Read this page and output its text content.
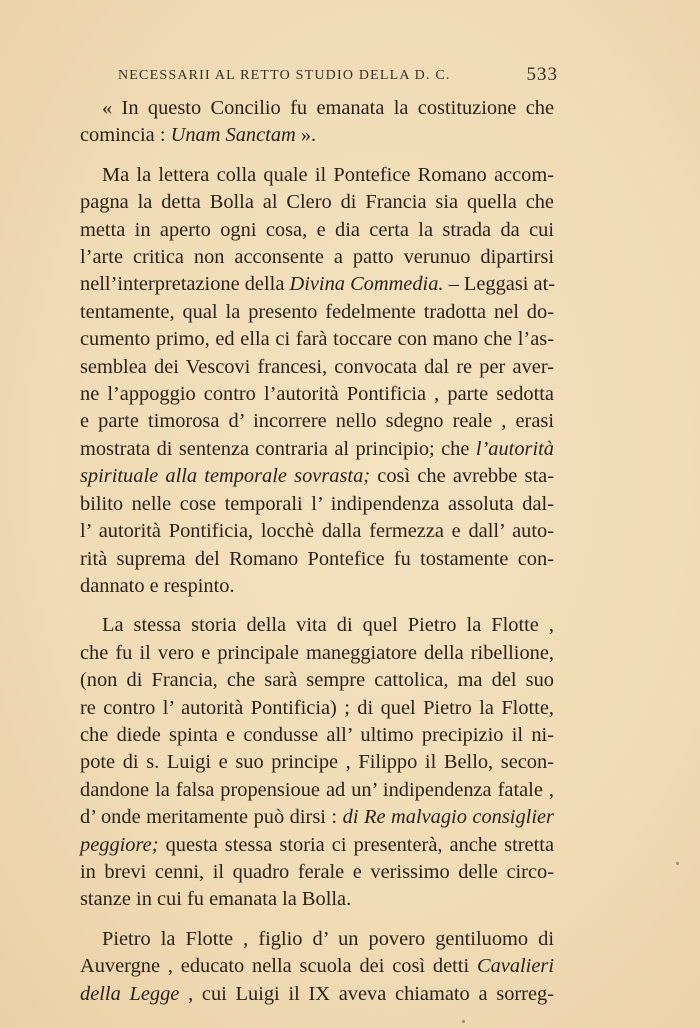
NECESSARII AL RETTO STUDIO DELLA D. C.	533
« In questo Concilio fu emanata la costituzione che
comincia : Unam Sanctam ».
Ma la lettera colla quale il Pontefice Romano accom-
pagna la detta Bolla al Clero di Francia sia quella che
metta in aperto ogni cosa, e dia certa la strada da cui
l’arte critica non acconsente a patto verunuo dipartirsi
nell’interpretazione della Divina Commedia. – Leggasi at-
tentamente, qual la presento fedelmente tradotta nel do-
cumento primo, ed ella ci farà toccare con mano che l’as-
semblea dei Vescovi francesi, convocata dal re per aver-
ne l’appoggio contro l’autorità Pontificia , parte sedotta
e parte timorosa d’ incorrere nello sdegno reale , erasi
mostrata di sentenza contraria al principio; che l’autorità
spirituale alla temporale sovrasta; così che avrebbe sta-
bilito nelle cose temporali l’ indipendenza assoluta dal-
l’ autorità Pontificia, locchè dalla fermezza e dall’ auto-
rità suprema del Romano Pontefice fu tostamente con-
dannato e respinto.
La stessa storia della vita di quel Pietro la Flotte ,
che fu il vero e principale maneggiatore della ribellione,
(non di Francia, che sarà sempre cattolica, ma del suo
re contro l’ autorità Pontificia) ; di quel Pietro la Flotte,
che diede spinta e condusse all’ ultimo precipizio il ni-
pote di s. Luigi e suo principe , Filippo il Bello, secon-
dandone la falsa propensioue ad un’ indipendenza fatale ,
d’ onde meritamente può dirsi : di Re malvagio consiglier
peggiore; questa stessa storia ci presenterà, anche stretta
in brevi cenni, il quadro ferale e verissimo delle circo-
stanze in cui fu emanata la Bolla.
Pietro la Flotte , figlio d’ un povero gentiluomo di
Auvergne , educato nella scuola dei così detti Cavalieri
della Legge , cui Luigi il IX aveva chiamato a sorreg-
